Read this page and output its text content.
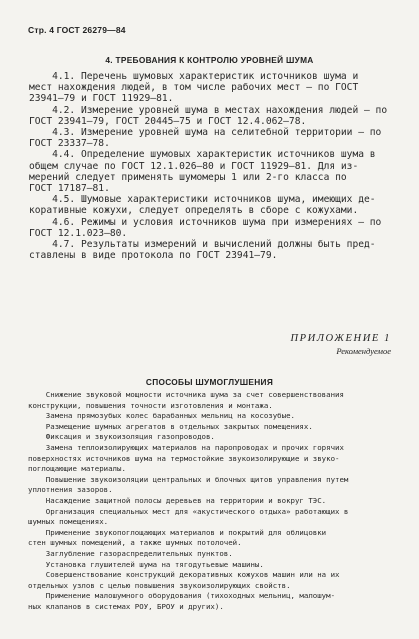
Стр. 4 ГОСТ 26279—84
4. ТРЕБОВАНИЯ К КОНТРОЛЮ УРОВНЕЙ ШУМА

4.1. Перечень шумовых характеристик источников шума и
мест нахождения людей, в том числе рабочих мест — по ГОСТ
23941—79 и ГОСТ 11929—81.
4.2. Измерение уровней шума в местах нахождения людей — по
ГОСТ 23941—79, ГОСТ 20445—75 и ГОСТ 12.4.062—78.
4.3. Измерение уровней шума на селитебной территории — по
ГОСТ 23337—78.
4.4. Определение шумовых характеристик источников шума в
общем случае по ГОСТ 12.1.026—80 и ГОСТ 11929—81. Для из-
мерений следует применять шумомеры 1 или 2-го класса по
ГОСТ 17187—81.
4.5. Шумовые характеристики источников шума, имеющих де-
коративные кожухи, следует определять в сборе с кожухами.
4.6. Режимы и условия источников шума при измерениях — по
ГОСТ 12.1.023—80.
4.7. Результаты измерений и вычислений должны быть пред-
ставлены в виде протокола по ГОСТ 23941—79.

ПРИЛОЖЕНИЕ 1
Рекомендуемое
СПОСОБЫ ШУМОГЛУШЕНИЯ
Снижение звуковой мощности источника шума за счет совершенствования
конструкции, повышения точности изготовления и монтажа.
Замена прямозубых колес барабанных мельниц на косозубые.
Размещение шумных агрегатов в отдельных закрытых помещениях.
Фиксация и звукоизоляция газопроводов.
Замена теплоизолирующих материалов на паропроводах и прочих горячих
поверхностях источников шума на термостойкие звукоизолирующие и звуко-
поглощающие материалы.
Повышение звукоизоляции центральных и блочных щитов управления путем
уплотнения зазоров.
Насаждение защитной полосы деревьев на территории и вокруг ТЭС.
Организация специальных мест для «акустического отдыха» работающих в
шумных помещениях.
Применение звукопоглощающих материалов и покрытий для облицовки
стен шумных помещений, а также шумных потолочей.
Заглубление газораспределительных пунктов.
Установка глушителей шума на тягодутьевые машины.
Совершенствование конструкций декоративных кожухов машин или на их
отдельных узлов с целью повышения звукоизолирующих свойств.
Применение малошумного оборудования (тихоходных мельниц, малошум-
ных клапанов в системах РОУ, БРОУ и других).
